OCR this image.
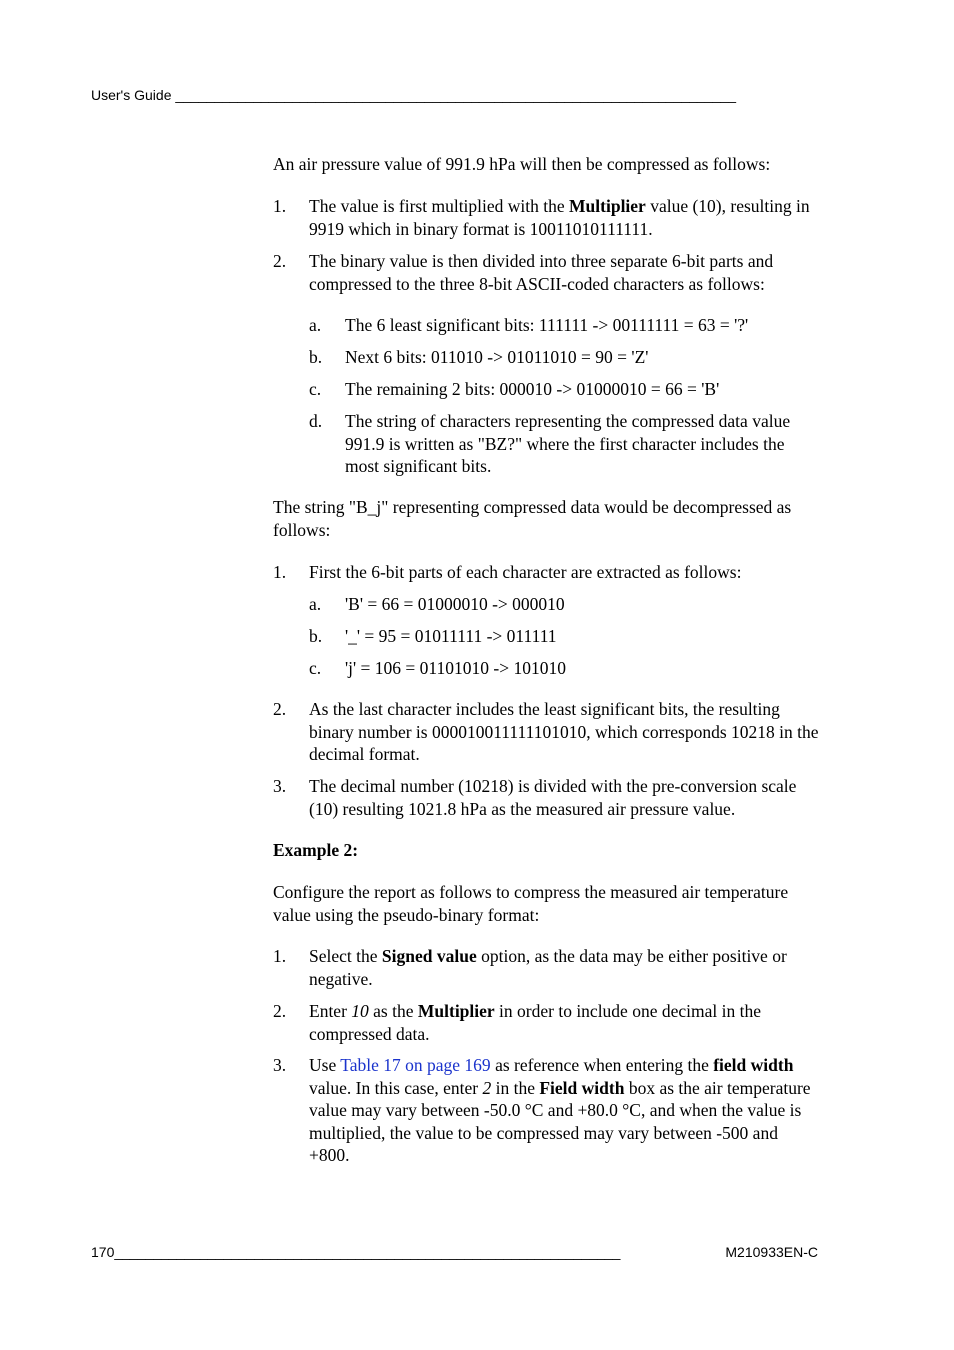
User's Guide ________________________________________________________________________
An air pressure value of 991.9 hPa will then be compressed as follows:
1. The value is first multiplied with the Multiplier value (10), resulting in 9919 which in binary format is 10011010111111.
2. The binary value is then divided into three separate 6-bit parts and compressed to the three 8-bit ASCII-coded characters as follows:
a. The 6 least significant bits: 111111 -> 00111111 = 63 = '?'
b. Next 6 bits: 011010 -> 01011010 = 90 = 'Z'
c. The remaining 2 bits: 000010 -> 01000010 = 66 = 'B'
d. The string of characters representing the compressed data value 991.9 is written as "BZ?" where the first character includes the most significant bits.
The string "B_j" representing compressed data would be decompressed as follows:
1. First the 6-bit parts of each character are extracted as follows:
a. 'B' = 66 = 01000010 -> 000010
b. '_' = 95 = 01011111 -> 011111
c. 'j' = 106 = 01101010 -> 101010
2. As the last character includes the least significant bits, the resulting binary number is 000010011111101010, which corresponds 10218 in the decimal format.
3. The decimal number (10218) is divided with the pre-conversion scale (10) resulting 1021.8 hPa as the measured air pressure value.
Example 2:
Configure the report as follows to compress the measured air temperature value using the pseudo-binary format:
1. Select the Signed value option, as the data may be either positive or negative.
2. Enter 10 as the Multiplier in order to include one decimal in the compressed data.
3. Use Table 17 on page 169 as reference when entering the field width value. In this case, enter 2 in the Field width box as the air temperature value may vary between -50.0 °C and +80.0 °C, and when the value is multiplied, the value to be compressed may vary between -500 and +800.
170 _________________________________________________________________	M210933EN-C
